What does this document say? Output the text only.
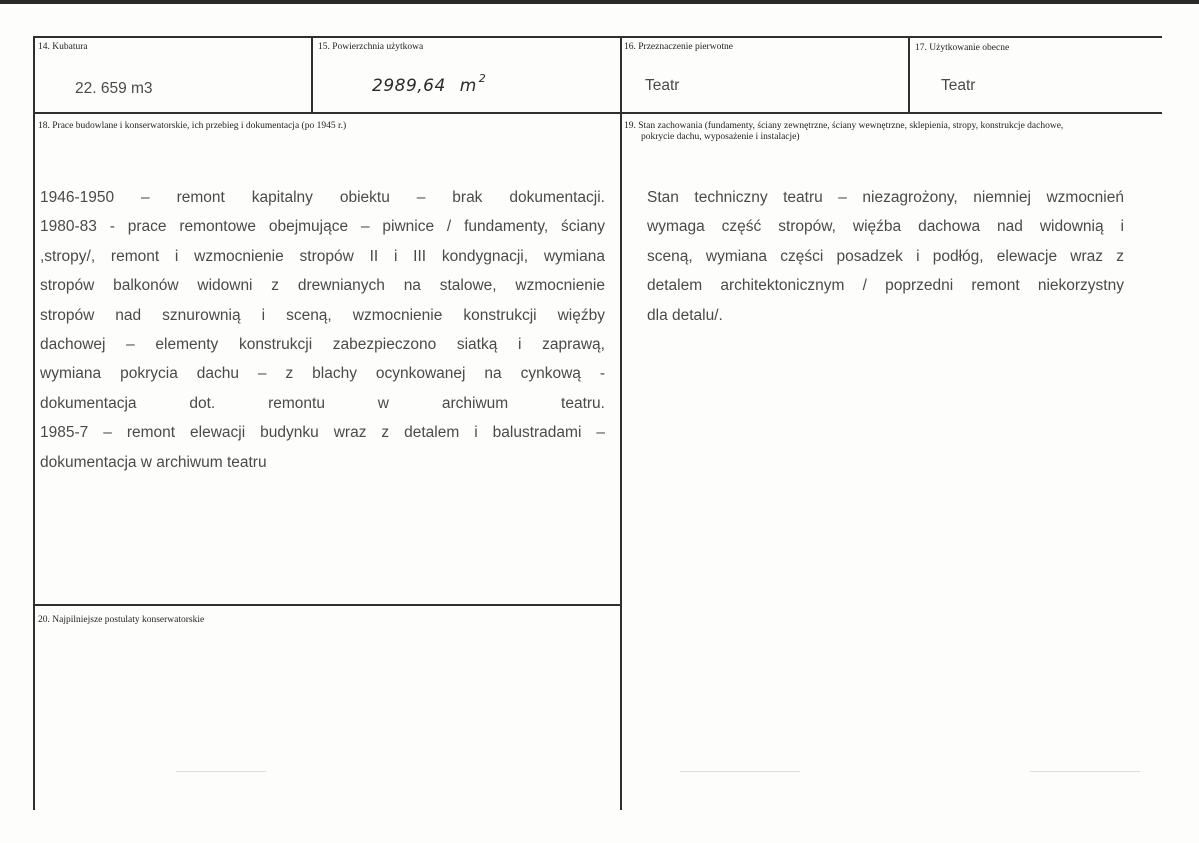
14. Kubatura
22. 659 m3
15. Powierzchnia użytkowa
2989,64 m $^2$
16. Przeznaczenie pierwotne
Teatr
17. Użytkowanie obecne
Teatr
18. Prace budowlane i konserwatorskie, ich przebieg i dokumentacja (po 1945 r.)
1946-1950 – remont kapitalny obiektu – brak dokumentacji.
1980-83 - prace remontowe obejmujące – piwnice / fundamenty, ściany
,stropy/, remont i wzmocnienie stropów II i III kondygnacji, wymiana
stropów balkonów widowni z drewnianych na stalowe, wzmocnienie
stropów nad sznurownią i sceną, wzmocnienie konstrukcji więźby
dachowej – elementy konstrukcji zabezpieczono siatką i zaprawą,
wymiana pokrycia dachu – z blachy ocynkowanej na cynkową -
dokumentacja dot. remontu w archiwum teatru.
1985-7 – remont elewacji budynku wraz z detalem i balustradami –
dokumentacja w archiwum teatru
19. Stan zachowania (fundamenty, ściany zewnętrzne, ściany wewnętrzne, sklepienia, stropy, konstrukcje dachowe,
pokrycie dachu, wyposażenie i instalacje)
Stan techniczny teatru – niezagrożony, niemniej wzmocnień
wymaga część stropów, więźba dachowa nad widownią i
sceną, wymiana części posadzek i podłóg, elewacje wraz z
detalem architektonicznym / poprzedni remont niekorzystny
dla detalu/.
20. Najpilniejsze postulaty konserwatorskie
